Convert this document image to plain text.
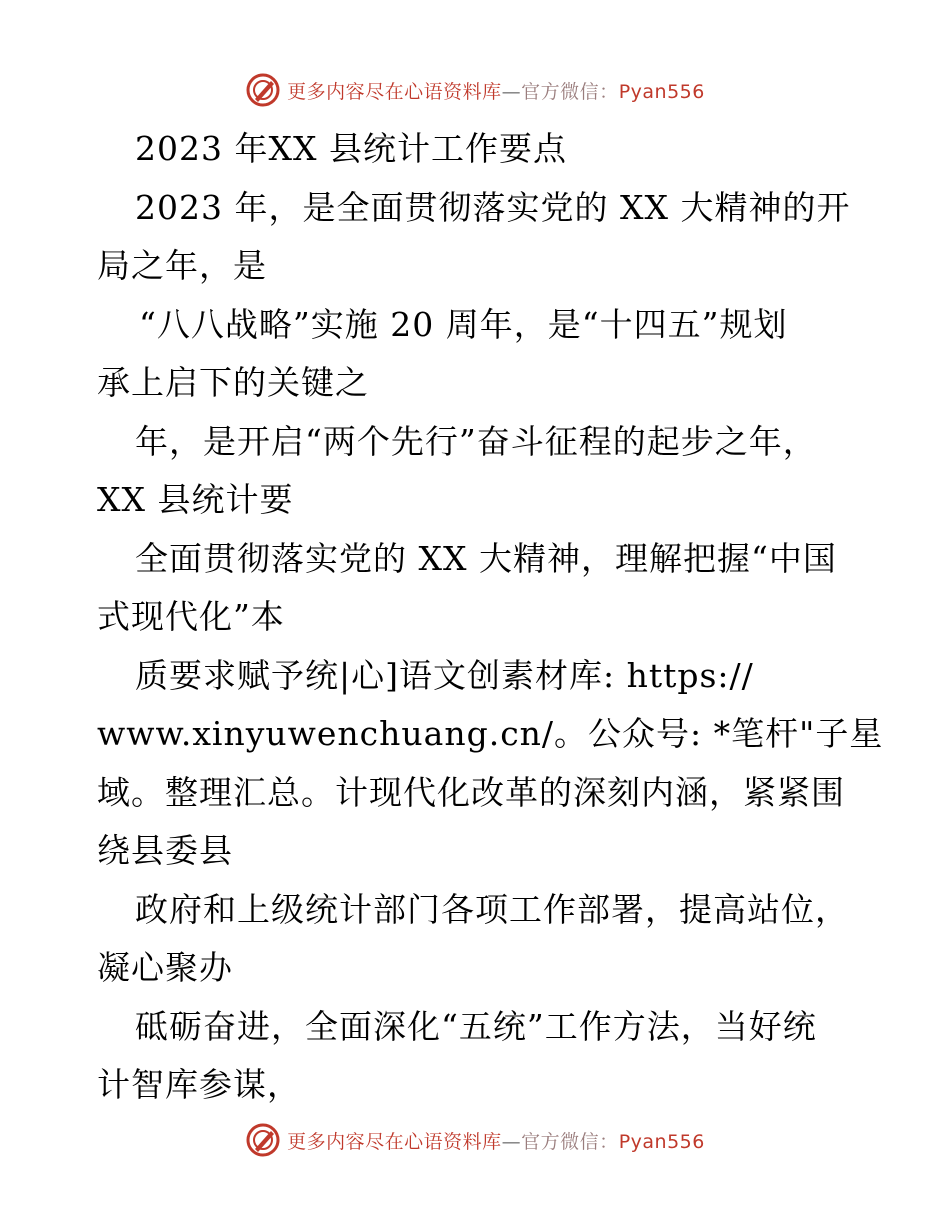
更多内容尽在心语资料库—官方微信：Pyan556
2023 年XX 县统计工作要点
2023 年，是全面贯彻落实党的 XX 大精神的开
局之年，是
“八八战略”实施 20 周年，是“十四五”规划
承上启下的关键之
年，是开启“两个先行”奋斗征程的起步之年，
XX 县统计要
全面贯彻落实党的 XX 大精神，理解把握“中国
式现代化”本
质要求赋予统|心]语文创素材库: https://
www.xinyuwenchuang.cn/。公众号: *笔杆"子星
域。整理汇总。计现代化改革的深刻内涵，紧紧围
绕县委县
政府和上级统计部门各项工作部署，提高站位，
凝心聚办
砥砺奋进，全面深化“五统”工作方法，当好统
计智库参谋，
更多内容尽在心语资料库—官方微信：Pyan556
